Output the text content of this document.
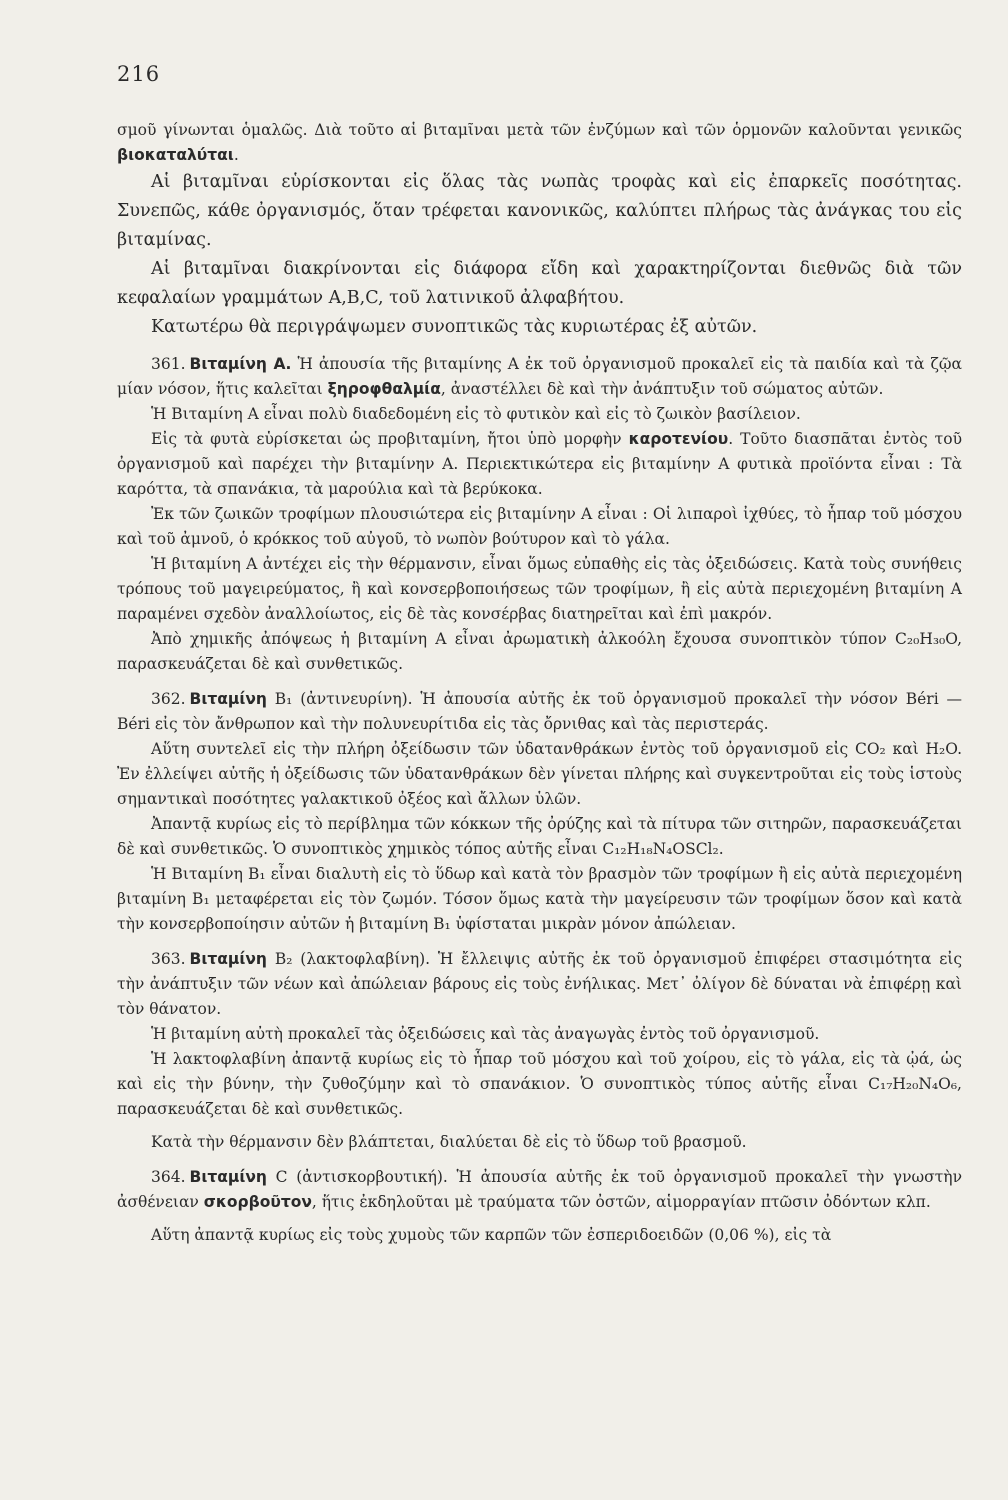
216

σμοῦ γίνωνται ὁμαλῶς. Διὰ τοῦτο αἱ βιταμῖναι μετὰ τῶν ἐνζύμων καὶ τῶν ὁρμονῶν καλοῦνται γενικῶς βιοκαταλύται.

Αἱ βιταμῖναι εὑρίσκονται εἰς ὅλας τὰς νωπὰς τροφὰς καὶ εἰς ἐπαρκεῖς ποσότητας. Συνεπῶς, κάθε ὀργανισμός, ὅταν τρέφεται κανονικῶς, καλύπτει πλήρως τὰς ἀνάγκας του εἰς βιταμίνας.

Αἱ βιταμῖναι διακρίνονται εἰς διάφορα εἴδη καὶ χαρακτηρίζονται διεθνῶς διὰ τῶν κεφαλαίων γραμμάτων A,B,C, τοῦ λατινικοῦ ἀλφαβήτου.

Κατωτέρω θὰ περιγράψωμεν συνοπτικῶς τὰς κυριωτέρας ἐξ αὐτῶν.

361. Βιταμίνη Α. Ἡ ἀπουσία τῆς βιταμίνης Α ἐκ τοῦ ὀργανισμοῦ προκαλεῖ εἰς τὰ παιδία καὶ τὰ ζῷα μίαν νόσον, ἥτις καλεῖται ξηροφθαλμία, ἀναστέλλει δὲ καὶ τὴν ἀνάπτυξιν τοῦ σώματος αὐτῶν.

Ἡ Βιταμίνη Α εἶναι πολὺ διαδεδομένη εἰς τὸ φυτικὸν καὶ εἰς τὸ ζωικὸν βασίλειον.

Εἰς τὰ φυτὰ εὑρίσκεται ὡς προβιταμίνη, ἤτοι ὑπὸ μορφὴν καροτενίου. Τοῦτο διασπᾶται ἐντὸς τοῦ ὀργανισμοῦ καὶ παρέχει τὴν βιταμίνην Α. Περιεκτικώτερα εἰς βιταμίνην Α φυτικὰ προϊόντα εἶναι : Τὰ καρόττα, τὰ σπανάκια, τὰ μαρούλια καὶ τὰ βερύκοκα.

Ἐκ τῶν ζωικῶν τροφίμων πλουσιώτερα εἰς βιταμίνην Α εἶναι : Οἱ λιπαροὶ ἰχθύες, τὸ ἧπαρ τοῦ μόσχου καὶ τοῦ ἀμνοῦ, ὁ κρόκκος τοῦ αὐγοῦ, τὸ νωπὸν βούτυρον καὶ τὸ γάλα.

Ἡ βιταμίνη Α ἀντέχει εἰς τὴν θέρμανσιν, εἶναι ὅμως εὐπαθὴς εἰς τὰς ὀξειδώσεις. Κατὰ τοὺς συνήθεις τρόπους τοῦ μαγειρεύματος, ἢ καὶ κονσερβοποιήσεως τῶν τροφίμων, ἢ εἰς αὐτὰ περιεχομένη βιταμίνη Α παραμένει σχεδὸν ἀναλλοίωτος, εἰς δὲ τὰς κονσέρβας διατηρεῖται καὶ ἐπὶ μακρόν.

Ἀπὸ χημικῆς ἀπόψεως ἡ βιταμίνη Α εἶναι ἀρωματικὴ ἀλκοόλη ἔχουσα συνοπτικὸν τύπον C₂₀H₃₀O, παρασκευάζεται δὲ καὶ συνθετικῶς.

362. Βιταμίνη B₁ (ἀντινευρίνη). Ἡ ἀπουσία αὐτῆς ἐκ τοῦ ὀργανισμοῦ προκαλεῖ τὴν νόσον Béri — Béri εἰς τὸν ἄνθρωπον καὶ τὴν πολυνευρίτιδα εἰς τὰς ὄρνιθας καὶ τὰς περιστεράς.

Αὕτη συντελεῖ εἰς τὴν πλήρη ὀξείδωσιν τῶν ὑδατανθράκων ἐντὸς τοῦ ὀργανισμοῦ εἰς CO₂ καὶ H₂O. Ἐν ἐλλείψει αὐτῆς ἡ ὀξείδωσις τῶν ὑδατανθράκων δὲν γίνεται πλήρης καὶ συγκεντροῦται εἰς τοὺς ἱστοὺς σημαντικαὶ ποσότητες γαλακτικοῦ ὀξέος καὶ ἄλλων ὑλῶν.

Ἀπαντᾷ κυρίως εἰς τὸ περίβλημα τῶν κόκκων τῆς ὀρύζης καὶ τὰ πίτυρα τῶν σιτηρῶν, παρασκευάζεται δὲ καὶ συνθετικῶς. Ὁ συνοπτικὸς χημικὸς τόπος αὐτῆς εἶναι C₁₂H₁₈N₄OSCl₂.

Ἡ Βιταμίνη B₁ εἶναι διαλυτὴ εἰς τὸ ὕδωρ καὶ κατὰ τὸν βρασμὸν τῶν τροφίμων ἢ εἰς αὐτὰ περιεχομένη βιταμίνη B₁ μεταφέρεται εἰς τὸν ζωμόν. Τόσον ὅμως κατὰ τὴν μαγείρευσιν τῶν τροφίμων ὅσον καὶ κατὰ τὴν κονσερβοποίησιν αὐτῶν ἡ βιταμίνη B₁ ὑφίσταται μικρὰν μόνον ἀπώλειαν.

363. Βιταμίνη B₂ (λακτοφλαβίνη). Ἡ ἔλλειψις αὐτῆς ἐκ τοῦ ὀργανισμοῦ ἐπιφέρει στασιμότητα εἰς τὴν ἀνάπτυξιν τῶν νέων καὶ ἀπώλειαν βάρους εἰς τοὺς ἐνήλικας. Μετ᾽ ὀλίγον δὲ δύναται νὰ ἐπιφέρῃ καὶ τὸν θάνατον.

Ἡ βιταμίνη αὐτὴ προκαλεῖ τὰς ὀξειδώσεις καὶ τὰς ἀναγωγὰς ἐντὸς τοῦ ὀργανισμοῦ.

Ἡ λακτοφλαβίνη ἀπαντᾷ κυρίως εἰς τὸ ἧπαρ τοῦ μόσχου καὶ τοῦ χοίρου, εἰς τὸ γάλα, εἰς τὰ ᾠά, ὡς καὶ εἰς τὴν βύνην, τὴν ζυθοζύμην καὶ τὸ σπανάκιον. Ὁ συνοπτικὸς τύπος αὐτῆς εἶναι C₁₇H₂₀N₄O₆, παρασκευάζεται δὲ καὶ συνθετικῶς.

Κατὰ τὴν θέρμανσιν δὲν βλάπτεται, διαλύεται δὲ εἰς τὸ ὕδωρ τοῦ βρασμοῦ.

364. Βιταμίνη C (ἀντισκορβουτική). Ἡ ἀπουσία αὐτῆς ἐκ τοῦ ὀργανισμοῦ προκαλεῖ τὴν γνωστὴν ἀσθένειαν σκορβοῦτον, ἥτις ἐκδηλοῦται μὲ τραύματα τῶν ὀστῶν, αἱμορραγίαν πτῶσιν ὀδόντων κλπ.

Αὕτη ἀπαντᾷ κυρίως εἰς τοὺς χυμοὺς τῶν καρπῶν τῶν ἐσπεριδοειδῶν (0,06 %), εἰς τὰ
